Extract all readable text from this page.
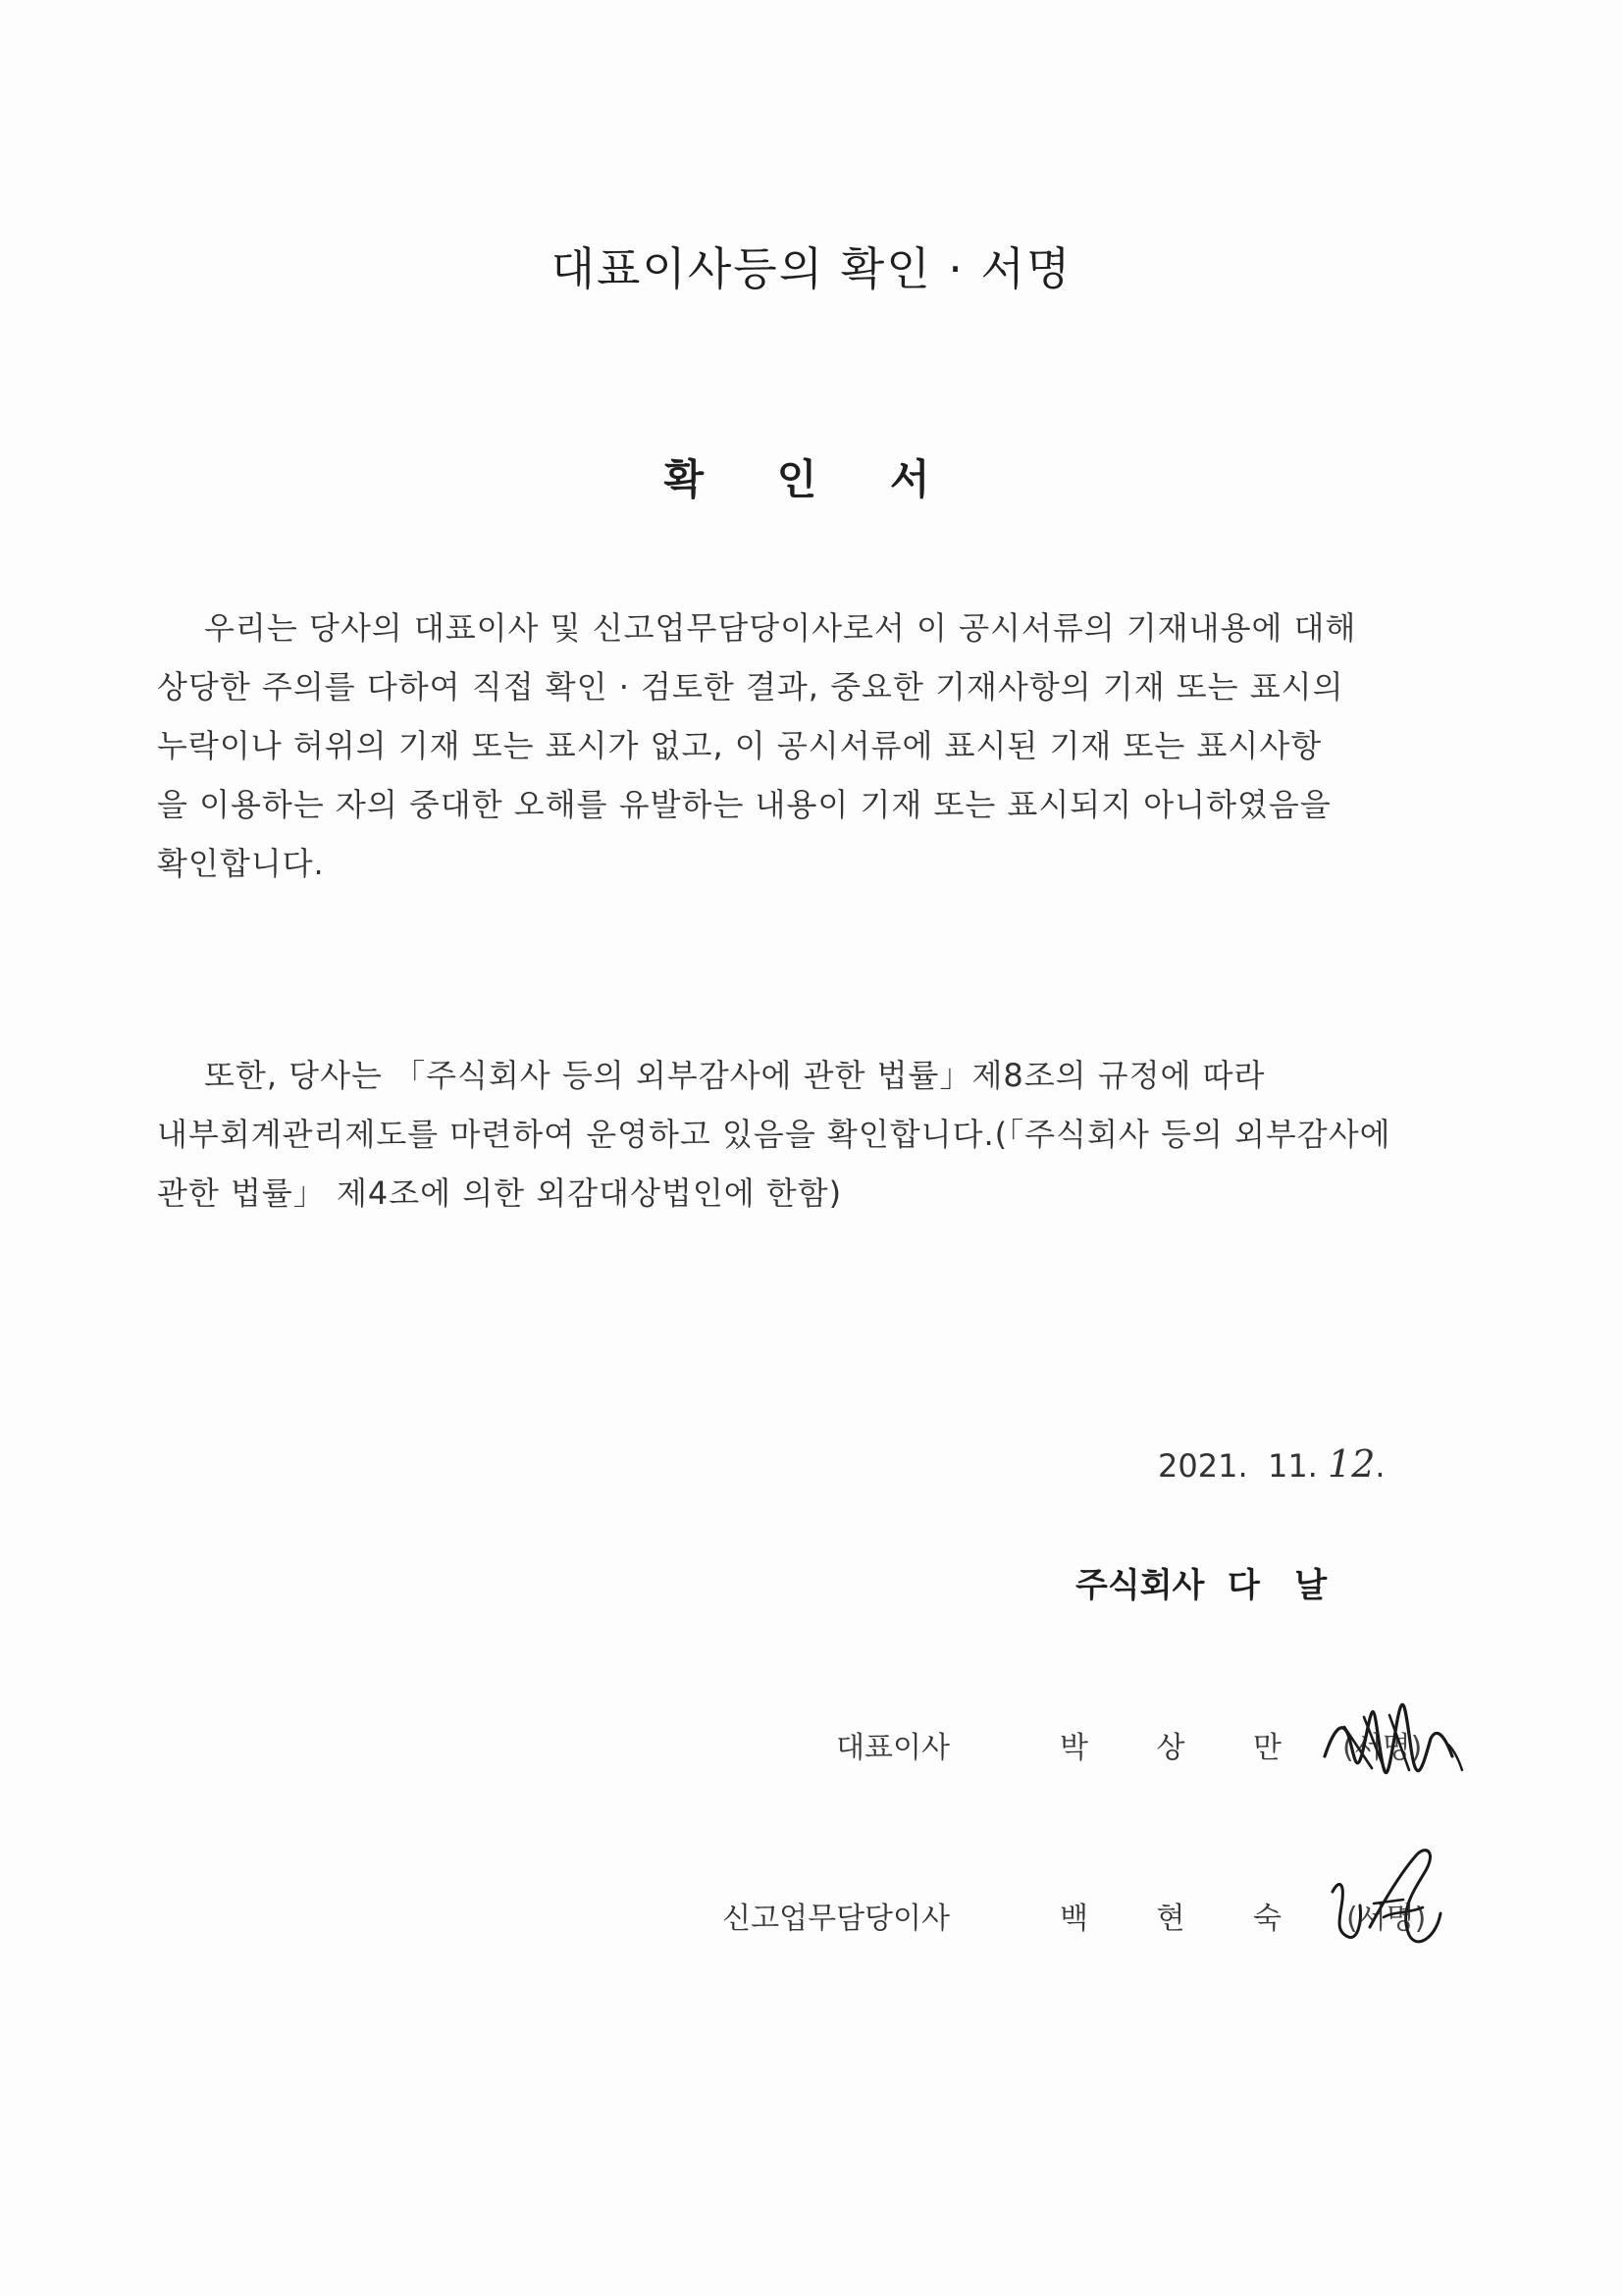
대표이사등의 확인 · 서명
확 인 서
우리는 당사의 대표이사 및 신고업무담당이사로서 이 공시서류의 기재내용에 대해
상당한 주의를 다하여 직접 확인 · 검토한 결과, 중요한 기재사항의 기재 또는 표시의
누락이나 허위의 기재 또는 표시가 없고, 이 공시서류에 표시된 기재 또는 표시사항
을 이용하는 자의 중대한 오해를 유발하는 내용이 기재 또는 표시되지 아니하였음을
확인합니다.
또한, 당사는 「주식회사 등의 외부감사에 관한 법률」제8조의 규정에 따라
내부회계관리제도를 마련하여 운영하고 있음을 확인합니다.(「주식회사 등의 외부감사에
관한 법률」 제4조에 의한 외감대상법인에 한함)
2021.  11. 12.
주식회사  다   날
대표이사	박 상 만 (서명)
신고업무담당이사	백 현 숙 (서명)
